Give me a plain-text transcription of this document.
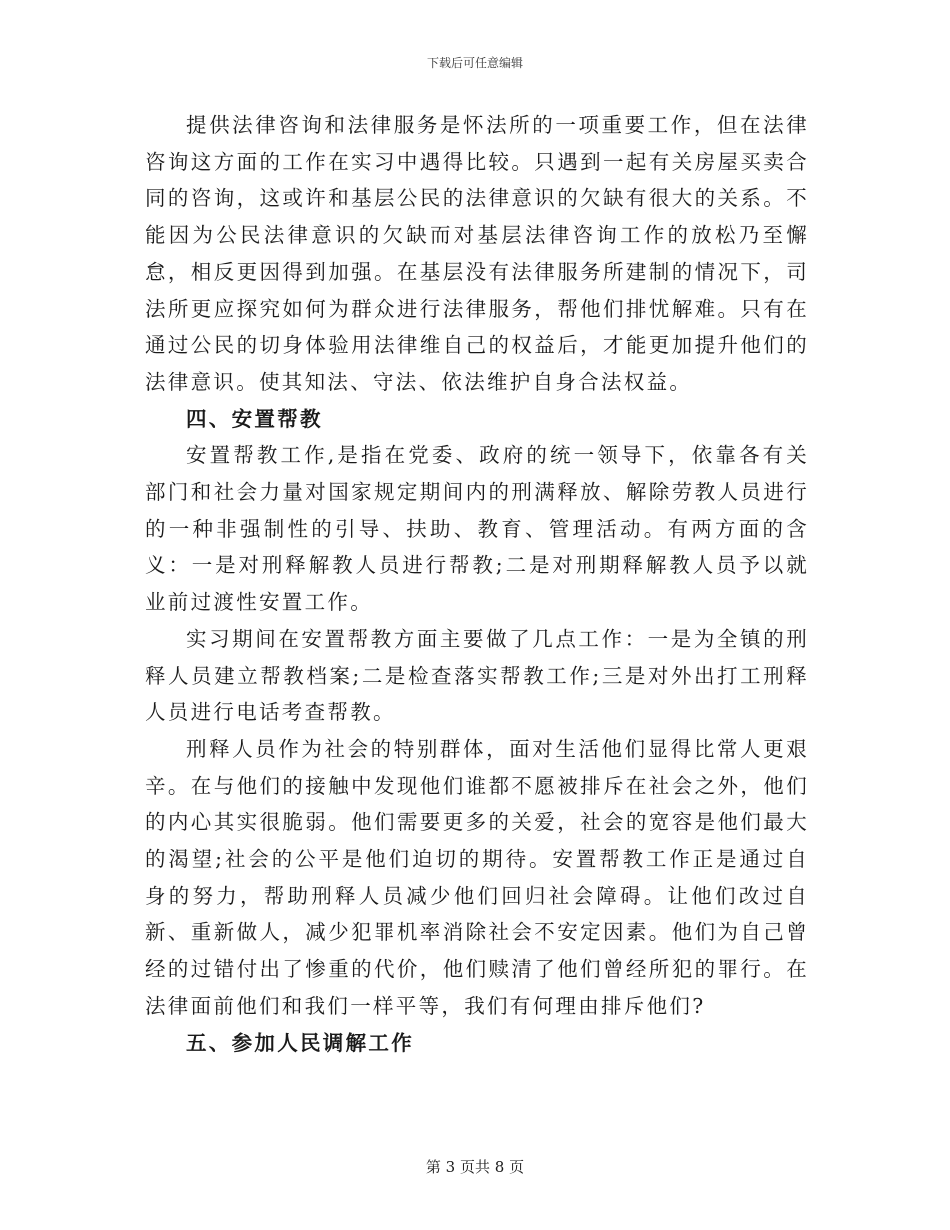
下载后可任意编辑

提供法律咨询和法律服务是怀法所的一项重要工作，但在法律咨询这方面的工作在实习中遇得比较。只遇到一起有关房屋买卖合同的咨询，这或许和基层公民的法律意识的欠缺有很大的关系。不能因为公民法律意识的欠缺而对基层法律咨询工作的放松乃至懈怠，相反更因得到加强。在基层没有法律服务所建制的情况下，司法所更应探究如何为群众进行法律服务，帮他们排忧解难。只有在通过公民的切身体验用法律维自己的权益后，才能更加提升他们的法律意识。使其知法、守法、依法维护自身合法权益。

四、安置帮教

安置帮教工作,是指在党委、政府的统一领导下，依靠各有关部门和社会力量对国家规定期间内的刑满释放、解除劳教人员进行的一种非强制性的引导、扶助、教育、管理活动。有两方面的含义：一是对刑释解教人员进行帮教;二是对刑期释解教人员予以就业前过渡性安置工作。

实习期间在安置帮教方面主要做了几点工作：一是为全镇的刑释人员建立帮教档案;二是检查落实帮教工作;三是对外出打工刑释人员进行电话考查帮教。

刑释人员作为社会的特别群体，面对生活他们显得比常人更艰辛。在与他们的接触中发现他们谁都不愿被排斥在社会之外，他们的内心其实很脆弱。他们需要更多的关爱，社会的宽容是他们最大的渴望;社会的公平是他们迫切的期待。安置帮教工作正是通过自身的努力，帮助刑释人员减少他们回归社会障碍。让他们改过自新、重新做人，减少犯罪机率消除社会不安定因素。他们为自己曾经的过错付出了惨重的代价，他们赎清了他们曾经所犯的罪行。在法律面前他们和我们一样平等，我们有何理由排斥他们?

五、参加人民调解工作

第 3 页共 8 页
